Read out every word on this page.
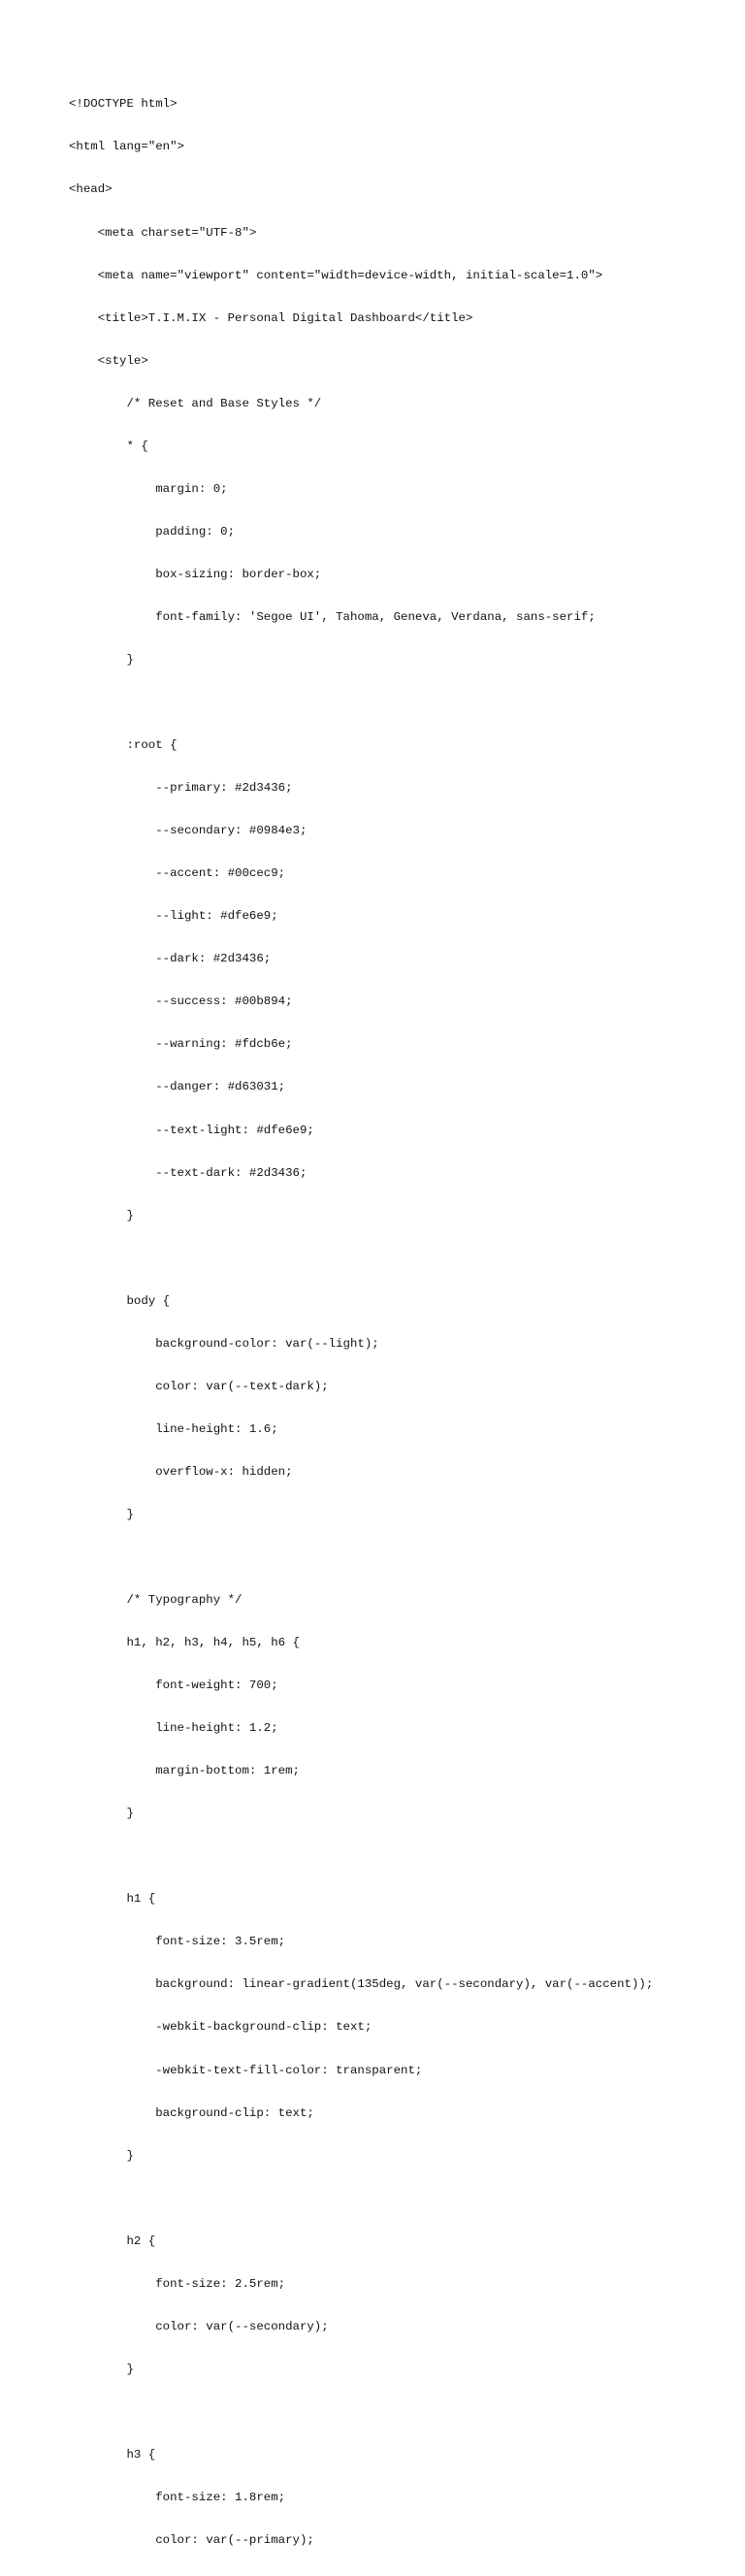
<!DOCTYPE html>

<html lang="en">

<head>

<meta charset="UTF-8">

<meta name="viewport" content="width=device-width, initial-scale=1.0">

<title>T.I.M.IX - Personal Digital Dashboard</title>

<style>

/* Reset and Base Styles */

* {

margin: 0;

padding: 0;

box-sizing: border-box;

font-family: 'Segoe UI', Tahoma, Geneva, Verdana, sans-serif;

}

:root {

--primary: #2d3436;

--secondary: #0984e3;

--accent: #00cec9;

--light: #dfe6e9;

--dark: #2d3436;

--success: #00b894;

--warning: #fdcb6e;

--danger: #d63031;

--text-light: #dfe6e9;

--text-dark: #2d3436;

}

body {

background-color: var(--light);

color: var(--text-dark);

line-height: 1.6;

overflow-x: hidden;

}

/* Typography */

h1, h2, h3, h4, h5, h6 {

font-weight: 700;

line-height: 1.2;

margin-bottom: 1rem;

}

h1 {

font-size: 3.5rem;

background: linear-gradient(135deg, var(--secondary), var(--accent));

-webkit-background-clip: text;

-webkit-text-fill-color: transparent;

background-clip: text;

}

h2 {

font-size: 2.5rem;

color: var(--secondary);

}

h3 {

font-size: 1.8rem;

color: var(--primary);
